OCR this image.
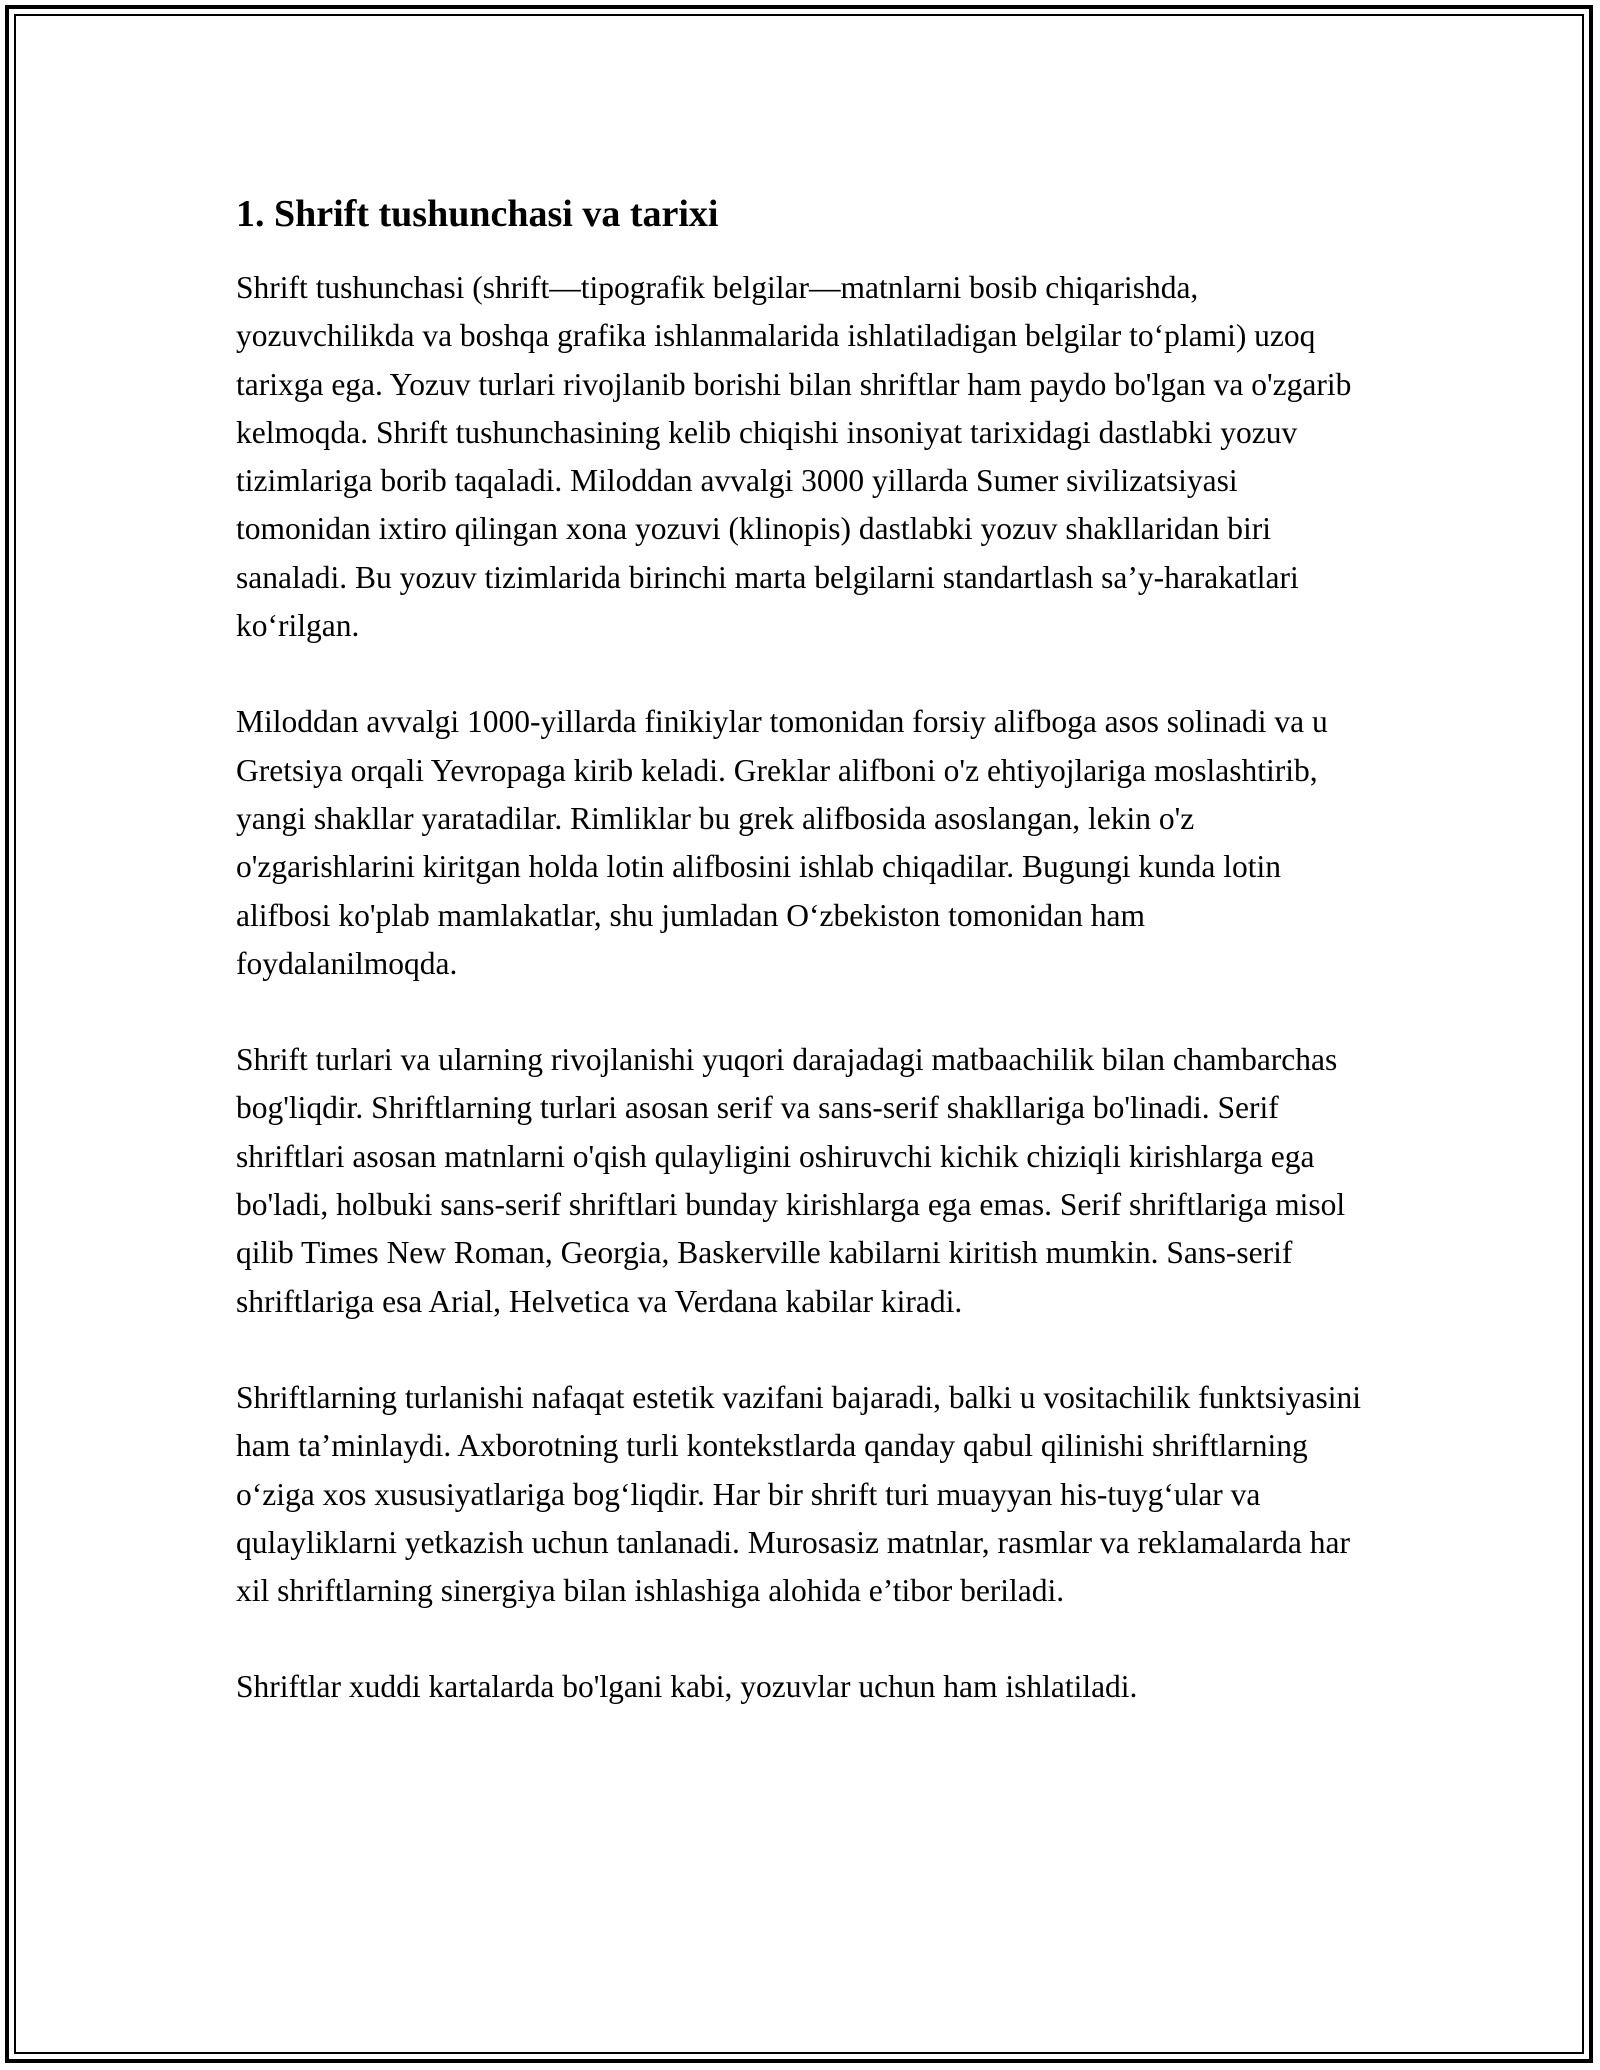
1. Shrift tushunchasi va tarixi

Shrift tushunchasi (shrift—tipografik belgilar—matnlarni bosib chiqarishda, yozuvchilikda va boshqa grafika ishlanmalarida ishlatiladigan belgilar to‘plami) uzoq tarixga ega. Yozuv turlari rivojlanib borishi bilan shriftlar ham paydo bo'lgan va o'zgarib kelmoqda. Shrift tushunchasining kelib chiqishi insoniyat tarixidagi dastlabki yozuv tizimlariga borib taqaladi. Miloddan avvalgi 3000 yillarda Sumer sivilizatsiyasi tomonidan ixtiro qilingan xona yozuvi (klinopis) dastlabki yozuv shakllaridan biri sanaladi. Bu yozuv tizimlarida birinchi marta belgilarni standartlash sa’y-harakatlari ko‘rilgan.

Miloddan avvalgi 1000-yillarda finikiylar tomonidan forsiy alifboga asos solinadi va u Gretsiya orqali Yevropaga kirib keladi. Greklar alifboni o'z ehtiyojlariga moslashtirib, yangi shakllar yaratadilar. Rimliklar bu grek alifbosida asoslangan, lekin o'z o'zgarishlarini kiritgan holda lotin alifbosini ishlab chiqadilar. Bugungi kunda lotin alifbosi ko'plab mamlakatlar, shu jumladan O‘zbekiston tomonidan ham foydalanilmoqda.

Shrift turlari va ularning rivojlanishi yuqori darajadagi matbaachilik bilan chambarchas bog'liqdir. Shriftlarning turlari asosan serif va sans-serif shakllariga bo'linadi. Serif shriftlari asosan matnlarni o'qish qulayligini oshiruvchi kichik chiziqli kirishlarga ega bo'ladi, holbuki sans-serif shriftlari bunday kirishlarga ega emas. Serif shriftlariga misol qilib Times New Roman, Georgia, Baskerville kabilarni kiritish mumkin. Sans-serif shriftlariga esa Arial, Helvetica va Verdana kabilar kiradi.

Shriftlarning turlanishi nafaqat estetik vazifani bajaradi, balki u vositachilik funktsiyasini ham ta’minlaydi. Axborotning turli kontekstlarda qanday qabul qilinishi shriftlarning o‘ziga xos xususiyatlariga bog‘liqdir. Har bir shrift turi muayyan his-tuyg‘ular va qulayliklarni yetkazish uchun tanlanadi. Murosasiz matnlar, rasmlar va reklamalarda har xil shriftlarning sinergiya bilan ishlashiga alohida e’tibor beriladi.

Shriftlar xuddi kartalarda bo'lgani kabi, yozuvlar uchun ham ishlatiladi.
